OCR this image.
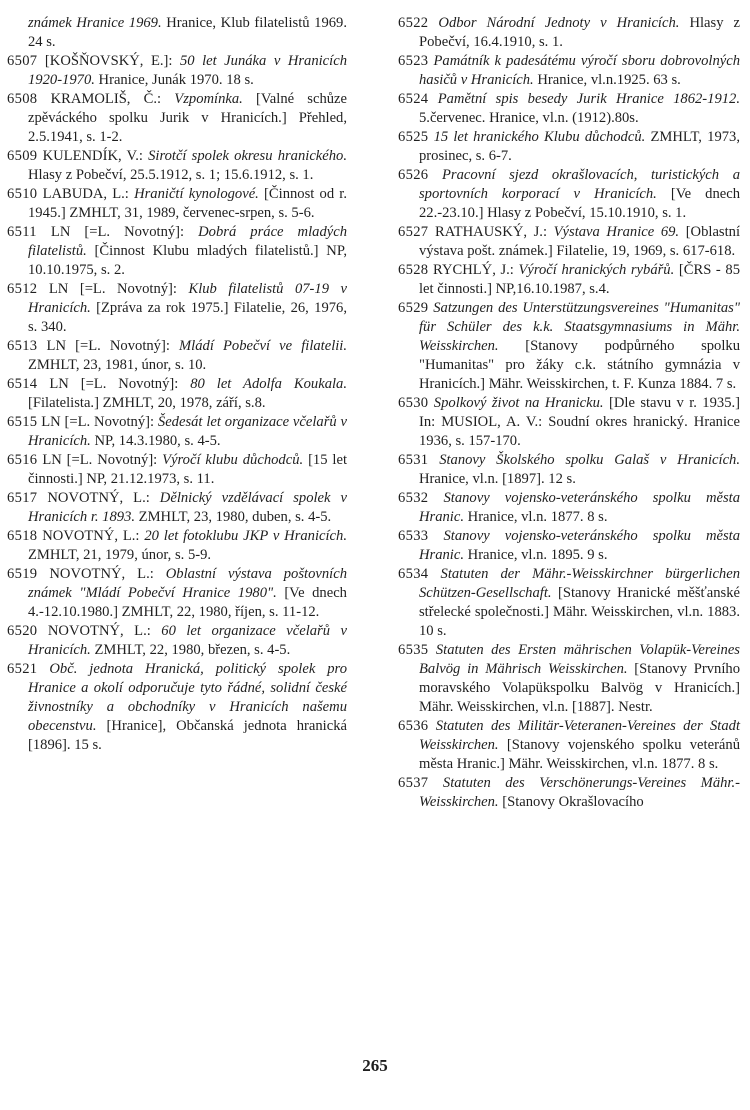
známek Hranice 1969. Hranice, Klub filatelistů 1969. 24 s.

6507 [KOŠŇOVSKÝ, E.]: 50 let Junáka v Hranicích 1920-1970. Hranice, Junák 1970. 18 s.

6508 KRAMOLIŠ, Č.: Vzpomínka. [Valné schůze zpěváckého spolku Jurik v Hranicích.] Přehled, 2.5.1941, s. 1-2.

6509 KULENDÍK, V.: Sirotčí spolek okresu hranického. Hlasy z Pobečví, 25.5.1912, s. 1; 15.6.1912, s. 1.

6510 LABUDA, L.: Hraničtí kynologové. [Činnost od r. 1945.] ZMHLT, 31, 1989, červenec-srpen, s. 5-6.

6511 LN [=L. Novotný]: Dobrá práce mladých filatelistů. [Činnost Klubu mladých filatelistů.] NP, 10.10.1975, s. 2.

6512 LN [=L. Novotný]: Klub filatelistů 07-19 v Hranicích. [Zpráva za rok 1975.] Filatelie, 26, 1976, s. 340.

6513 LN [=L. Novotný]: Mládí Pobečví ve filatelii. ZMHLT, 23, 1981, únor, s. 10.

6514 LN [=L. Novotný]: 80 let Adolfa Koukala. [Filatelista.] ZMHLT, 20, 1978, září, s.8.

6515 LN [=L. Novotný]: Šedesát let organizace včelařů v Hranicích. NP, 14.3.1980, s. 4-5.

6516 LN [=L. Novotný]: Výročí klubu důchodců. [15 let činnosti.] NP, 21.12.1973, s. 11.

6517 NOVOTNÝ, L.: Dělnický vzdělávací spolek v Hranicích r. 1893. ZMHLT, 23, 1980, duben, s. 4-5.

6518 NOVOTNÝ, L.: 20 let fotoklubu JKP v Hranicích. ZMHLT, 21, 1979, únor, s. 5-9.

6519 NOVOTNÝ, L.: Oblastní výstava poštovních známek "Mládí Pobečví Hranice 1980". [Ve dnech 4.-12.10.1980.] ZMHLT, 22, 1980, říjen, s. 11-12.

6520 NOVOTNÝ, L.: 60 let organizace včelařů v Hranicích. ZMHLT, 22, 1980, březen, s. 4-5.

6521 Obč. jednota Hranická, politický spolek pro Hranice a okolí odporučuje tyto řádné, solidní české živnostníky a obchodníky v Hranicích našemu obecenstvu. [Hranice], Občanská jednota hranická [1896]. 15 s.

6522 Odbor Národní Jednoty v Hranicích. Hlasy z Pobečví, 16.4.1910, s. 1.

6523 Památník k padesátému výročí sboru dobrovolných hasičů v Hranicích. Hranice, vl.n.1925. 63 s.

6524 Pamětní spis besedy Jurik Hranice 1862-1912. 5.červenec. Hranice, vl.n. (1912).80s.

6525 15 let hranického Klubu důchodců. ZMHLT, 1973, prosinec, s. 6-7.

6526 Pracovní sjezd okrašlovacích, turistických a sportovních korporací v Hranicích. [Ve dnech 22.-23.10.] Hlasy z Pobečví, 15.10.1910, s. 1.

6527 RATHAUSKÝ, J.: Výstava Hranice 69. [Oblastní výstava pošt. známek.] Filatelie, 19, 1969, s. 617-618.

6528 RYCHLÝ, J.: Výročí hranických rybářů. [ČRS - 85 let činnosti.] NP,16.10.1987, s.4.

6529 Satzungen des Unterstützungsvereines "Humanitas" für Schüler des k.k. Staatsgymnasiums in Mähr. Weisskirchen. [Stanovy podpůrného spolku "Humanitas" pro žáky c.k. státního gymnázia v Hranicích.] Mähr. Weisskirchen, t. F. Kunza 1884. 7 s.

6530 Spolkový život na Hranicku. [Dle stavu v r. 1935.] In: MUSIOL, A. V.: Soudní okres hranický. Hranice 1936, s. 157-170.

6531 Stanovy Školského spolku Galaš v Hranicích. Hranice, vl.n. [1897]. 12 s.

6532 Stanovy vojensko-veteránského spolku města Hranic. Hranice, vl.n. 1877. 8 s.

6533 Stanovy vojensko-veteránského spolku města Hranic. Hranice, vl.n. 1895. 9 s.

6534 Statuten der Mähr.-Weisskirchner bürgerlichen Schützen-Gesellschaft. [Stanovy Hranické měšťanské střelecké společnosti.] Mähr. Weisskirchen, vl.n. 1883. 10 s.

6535 Statuten des Ersten mährischen Volapük-Vereines Balvög in Mährisch Weisskirchen. [Stanovy Prvního moravského Volapükspolku Balvög v Hranicích.] Mähr. Weisskirchen, vl.n. [1887]. Nestr.

6536 Statuten des Militär-Veteranen-Vereines der Stadt Weisskirchen. [Stanovy vojenského spolku veteránů města Hranic.] Mähr. Weisskirchen, vl.n. 1877. 8 s.

6537 Statuten des Verschönerungs-Vereines Mähr.-Weisskirchen. [Stanovy Okrašlovacího

265
